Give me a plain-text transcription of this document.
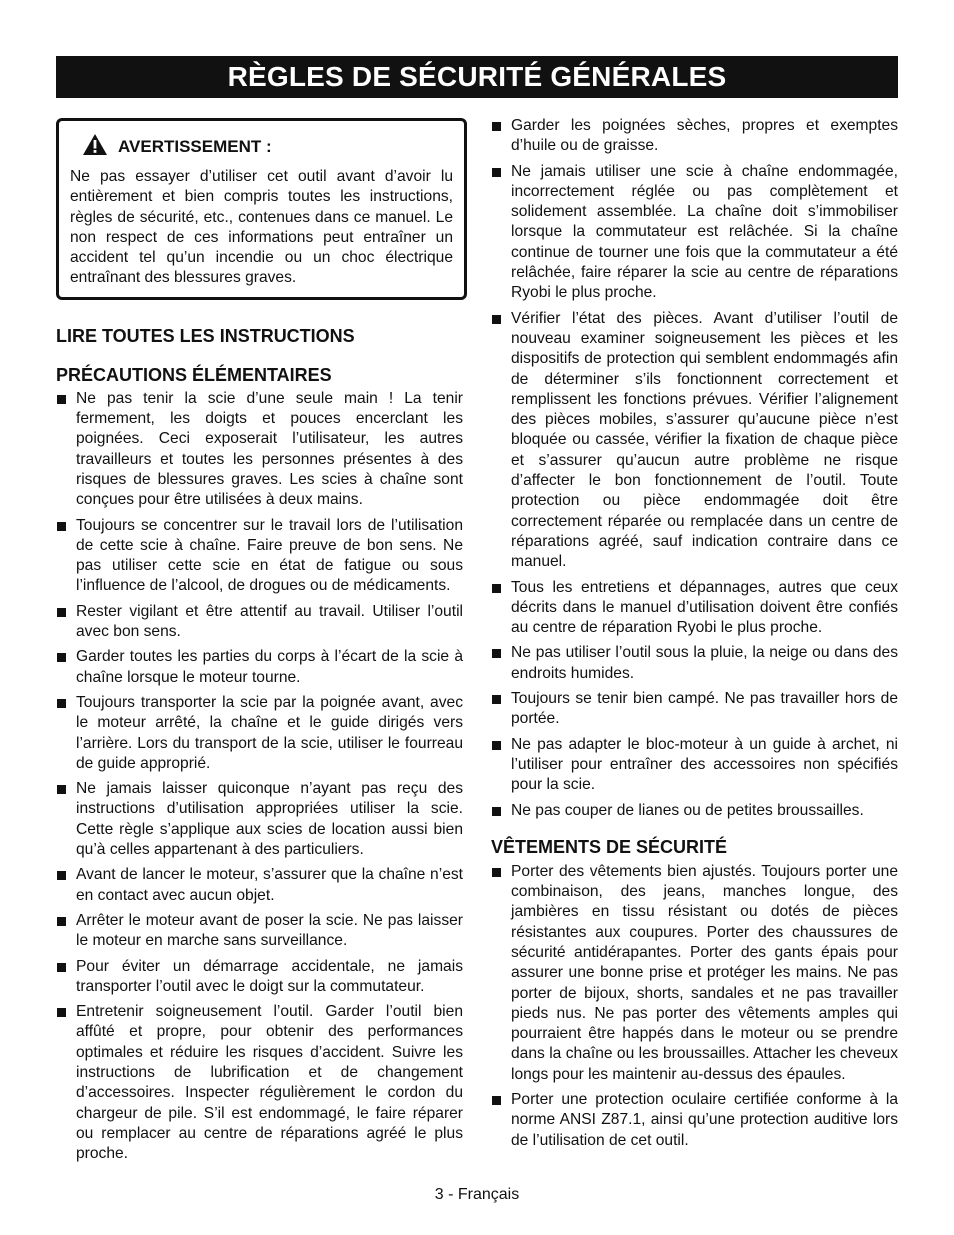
RÈGLES DE SÉCURITÉ GÉNÉRALES
AVERTISSEMENT :
Ne pas essayer d’utiliser cet outil avant d’avoir lu entièrement et bien compris toutes les instructions, règles de sécurité, etc., contenues dans ce manuel. Le non respect de ces informations peut entraîner un accident tel qu’un incendie ou un choc électrique entraînant des blessures graves.
LIRE TOUTES LES INSTRUCTIONS
PRÉCAUTIONS ÉLÉMENTAIRES
Ne pas tenir la scie d’une seule main ! La tenir fermement, les doigts et pouces encerclant les poignées. Ceci exposerait l’utilisateur, les autres travailleurs et toutes les personnes présentes à des risques de blessures graves. Les scies à chaîne sont conçues pour être utilisées à deux mains.
Toujours se concentrer sur le travail lors de l’utilisation de cette scie à chaîne. Faire preuve de bon sens. Ne pas utiliser cette scie en état de fatigue ou sous l’influence de l’alcool, de drogues ou de médicaments.
Rester vigilant et être attentif au travail. Utiliser l’outil avec bon sens.
Garder toutes les parties du corps à l’écart de la scie à chaîne lorsque le moteur tourne.
Toujours transporter la scie par la poignée avant, avec le moteur arrêté, la chaîne et le guide dirigés vers l’arrière. Lors du transport de la scie, utiliser le fourreau de guide approprié.
Ne jamais laisser quiconque n’ayant pas reçu des instructions d’utilisation appropriées utiliser la scie. Cette règle s’applique aux scies de location aussi bien qu’à celles appartenant à des particuliers.
Avant de lancer le moteur, s’assurer que la chaîne n’est en contact avec aucun objet.
Arrêter le moteur avant de poser la scie. Ne pas laisser le moteur en marche sans surveillance.
Pour éviter un démarrage accidentale, ne jamais transporter l’outil avec le doigt sur la commutateur.
Entretenir soigneusement l’outil. Garder l’outil bien affûté et propre, pour obtenir des performances optimales et réduire les risques d’accident. Suivre les instructions de lubrification et de changement d’accessoires. Inspecter régulièrement le cordon du chargeur de pile. S’il est endommagé, le faire réparer ou remplacer au centre de réparations agréé le plus proche.
Garder les poignées sèches, propres et exemptes d’huile ou de graisse.
Ne jamais utiliser une scie à chaîne endommagée, incorrectement réglée ou pas complètement et solidement assemblée. La chaîne doit s’immobiliser lorsque la commutateur est relâchée. Si la chaîne continue de tourner une fois que la commutateur a été relâchée, faire réparer la scie au centre de réparations Ryobi le plus proche.
Vérifier l’état des pièces. Avant d’utiliser l’outil de nouveau examiner soigneusement les pièces et les dispositifs de protection qui semblent endommagés afin de déterminer s’ils fonctionnent correctement et remplissent les fonctions prévues. Vérifier l’alignement des pièces mobiles, s’assurer qu’aucune pièce n’est bloquée ou cassée, vérifier la fixation de chaque pièce et s’assurer qu’aucun autre problème ne risque d’affecter le bon fonctionnement de l’outil. Toute protection ou pièce endommagée doit être correctement réparée ou remplacée dans un centre de réparations agréé, sauf indication contraire dans ce manuel.
Tous les entretiens et dépannages, autres que ceux décrits dans le manuel d’utilisation doivent être confiés au centre de réparation Ryobi le plus proche.
Ne pas utiliser l’outil sous la pluie, la neige ou dans des endroits humides.
Toujours se tenir bien campé. Ne pas travailler hors de portée.
Ne pas adapter le bloc-moteur à un guide à archet, ni l’utiliser pour entraîner des accessoires non spécifiés pour la scie.
Ne pas couper de lianes ou de petites broussailles.
VÊTEMENTS DE SÉCURITÉ
Porter des vêtements bien ajustés. Toujours porter une combinaison, des jeans, manches longue, des jambières en tissu résistant ou dotés de pièces résistantes aux coupures. Porter des chaussures de sécurité antidérapantes. Porter des gants épais pour assurer une bonne prise et protéger les mains. Ne pas porter de bijoux, shorts, sandales et ne pas travailler pieds nus. Ne pas porter des vêtements amples qui pourraient être happés dans le moteur ou se prendre dans la chaîne ou les broussailles. Attacher les cheveux longs pour les maintenir au-dessus des épaules.
Porter une protection oculaire certifiée conforme à la norme ANSI Z87.1, ainsi qu’une protection auditive lors de l’utilisation de cet outil.
3 - Français
